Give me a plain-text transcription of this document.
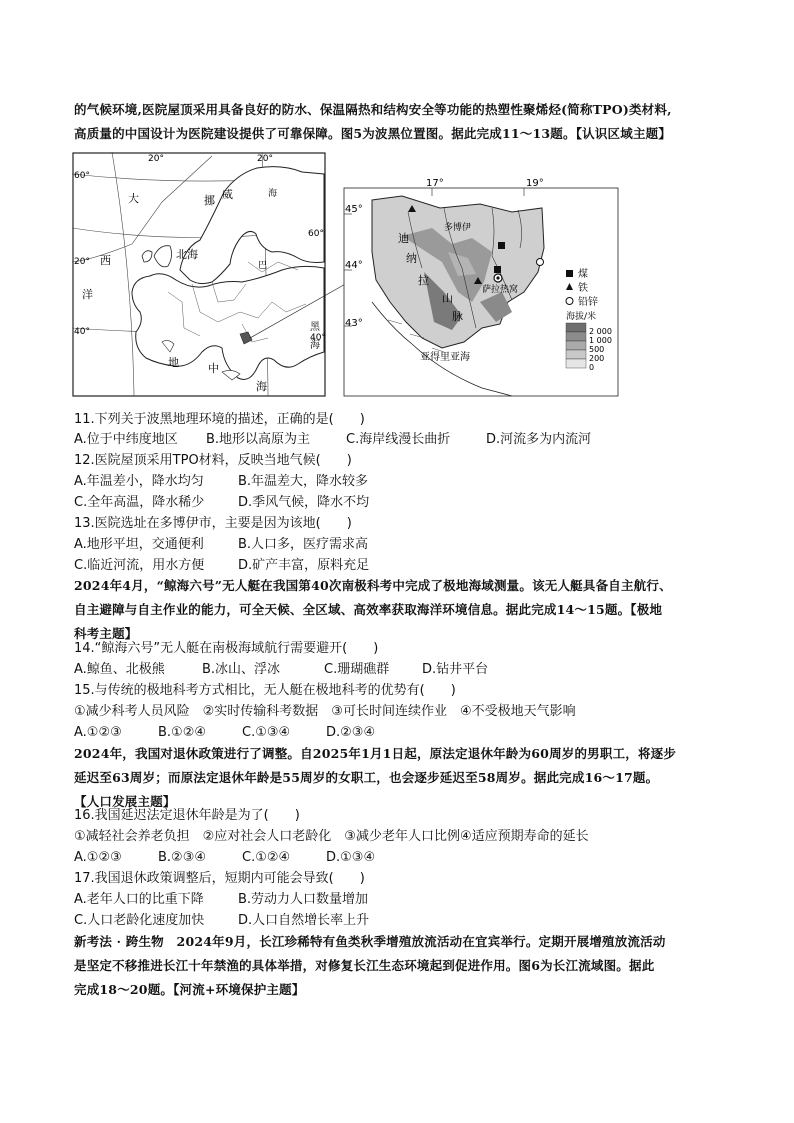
的气候环境,医院屋顶采用具备良好的防水、保温隔热和结构安全等功能的热塑性聚烯烃(简称TPO)类材料,
高质量的中国设计为医院建设提供了可靠保障。图5为波黑位置图。据此完成11～13题。【认识区域主题】
20°	20°
60°
60°
40°
40°
20°
挪 威
大
西
洋
北海
海
巴
黑
海
地	中
海
17°	19°
45°
44°
43°
多博伊
迪
纳
拉
山
脉
萨拉热窝
亚得里亚海
煤
铁
铅锌
海拔/米
2 000
1 000
500
200
0
11.下列关于波黑地理环境的描述，正确的是(　　)
A.位于中纬度地区 B.地形以高原为主	C.海岸线漫长曲折	D.河流多为内流河
12.医院屋顶采用TPO材料，反映当地气候(　　)
A.年温差小，降水均匀	B.年温差大，降水较多
C.全年高温，降水稀少	D.季风气候，降水不均
13.医院选址在多博伊市，主要是因为该地(　　)
A.地形平坦，交通便利	B.人口多，医疗需求高
C.临近河流，用水方便	D.矿产丰富，原料充足
2024年4月，“鲸海六号”无人艇在我国第40次南极科考中完成了极地海域测量。该无人艇具备自主航行、
自主避障与自主作业的能力，可全天候、全区域、高效率获取海洋环境信息。据此完成14～15题。【极地
科考主题】
14.“鲸海六号”无人艇在南极海域航行需要避开(　　)
A.鲸鱼、北极熊	B.冰山、浮冰	C.珊瑚礁群	D.钻井平台
15.与传统的极地科考方式相比，无人艇在极地科考的优势有(　　)
①减少科考人员风险　②实时传输科考数据　③可长时间连续作业　④不受极地天气影响
A.①②③	B.①②④	C.①③④	D.②③④
2024年，我国对退休政策进行了调整。自2025年1月1日起，原法定退休年龄为60周岁的男职工，将逐步
延迟至63周岁；而原法定退休年龄是55周岁的女职工，也会逐步延迟至58周岁。据此完成16～17题。
【人口发展主题】
16.我国延迟法定退休年龄是为了(　　)
①减轻社会养老负担　②应对社会人口老龄化　③减少老年人口比例④适应预期寿命的延长
A.①②③	B.②③④	C.①②④	D.①③④
17.我国退休政策调整后，短期内可能会导致(　　)
A.老年人口的比重下降	B.劳动力人口数量增加
C.人口老龄化速度加快	D.人口自然增长率上升
新考法 · 跨生物　2024年9月，长江珍稀特有鱼类秋季增殖放流活动在宜宾举行。定期开展增殖放流活动
是坚定不移推进长江十年禁渔的具体举措，对修复长江生态环境起到促进作用。图6为长江流域图。据此
完成18～20题。【河流+环境保护主题】
